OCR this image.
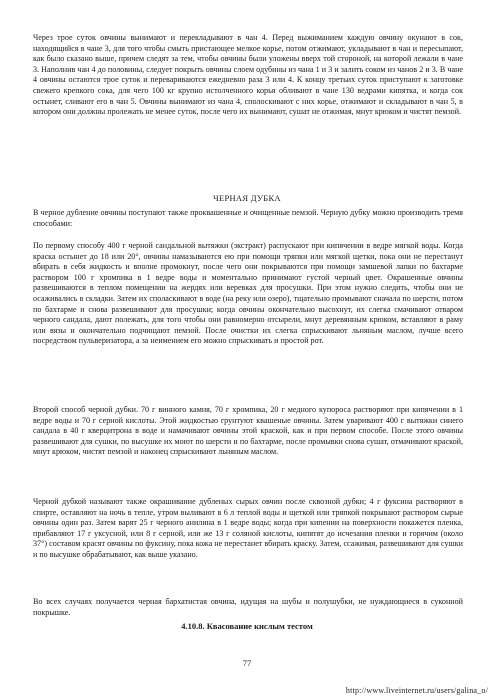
Через трое суток овчины вынимают и перекладывают в чан 4. Перед выжиманием каждую овчину окунают в сок, находящийся в чане 3, для того чтобы смыть пристающее мелкое корье, потом отжимают, укладывают в чан и пересыпают, как было сказано выше, причем следят за тем, чтобы овчины были уложены вверх той стороной, на которой лежали в чане 3. Наполнив чан 4 до половины, следует покрыть овчины слоем одубины из чана 1 и 3 и залить соком из чанов 2 и 3. В чане 4 овчины остаются трое суток и перевариваются ежедневно раза 3 или 4. К концу третьих суток приступают к заготовке свежего крепкого сока, для чего 100 кг крупно истолченного корья обливают в чане 130 ведрами кипятка, и когда сок остынет, сливают его в чан 5. Овчины вынимают из чана 4, сполоскивают с них корье, отжимают и складывают в чан 5, в котором они должны пролежать не менее суток, после чего их вынимают, сушат не отжимая, мнут крюком и чистят пемзой.

ЧЕРНАЯ ДУБКА

В черное дубление овчины поступают также проквашенные и очищенные пемзой. Черную дубку можно производить тремя способами:

По первому способу 400 г черной сандальной вытяжки (экстракт) распускают при кипячении в ведре мягкой воды. Когда краска остынет до 18 или 20°, овчины намазываются ею при помощи тряпки или мягкой щетки, пока они не перестанут вбирать в себя жидкость и вполне промокнут, после чего они покрываются при помощи замшевой лапки по бахтарме раствором 100 г хромпика в 1 ведре воды и моментально принимают густой черный цвет. Окрашенные овчины развешиваются в теплом помещении на жердях или веревках для просушки. При этом нужно следить, чтобы они не осаживались в складки. Затем их споласкивают в воде (на реку или озеро), тщательно промывают сначала по шерсти, потом по бахтарме и снова развешивают для просушки; когда овчины окончательно высохнут, их слегка смачивают отваром черного сандала, дают полежать, для того чтобы они равномерно отсырели, мнут деревянным крюком, вставляют в раму или вязы и окончательно подчищают пемзой. После очистки их слегка спрыскивают льняным маслом, лучше всего посредством пульверизатора, а за неимением его можно спрыскивать и простой рот.

Второй способ черной дубки. 70 г винного камня, 70 г хромпика, 20 г медного купороса растворяют при кипячении в 1 ведре воды и 70 г серной кислоты. Этой жидкостью грунтуют квашеные овчины. Затем уваривают 400 г вытяжки синего сандала в 40 г кверцитрона в воде и намачивают овчины этой краской, как и при первом способе. После этого овчины развешивают для сушки, по высушке их моют по шерсти и по бахтарме, после промывки снова сушат, отмачивают краской, мнут крюком, чистят пемзой и наконец спрыскивают льняным маслом.

Черной дубкой называют также окрашивание дубленых сырых овчин после сквозной дубки; 4 г фуксина растворяют в спирте, оставляют на ночь в тепле, утром выливают в 6 л теплой воды и щеткой или тряпкой покрывают раствором сырые овчины один раз. Затем варят 25 г черного анилина в 1 ведре воды; когда при кипении на поверхности покажется пленка, прибавляют 17 г уксусной, или 8 г серной, или же 13 г соляной кислоты, кипятят до исчезания пленки и горячим (около 37°) составом красят овчины по фуксину, пока кожа не перестанет вбирать краску. Затем, ссаживая, развешивают для сушки и по высушке обрабатывают, как выше указано.

Во всех случаях получается черная бархатистая овчина, идущая на шубы и полушубки, не нуждающиеся в суконной покрышке.

4.10.8. Квасование кислым тестом

77

http://www.liveinternet.ru/users/galina_o/
